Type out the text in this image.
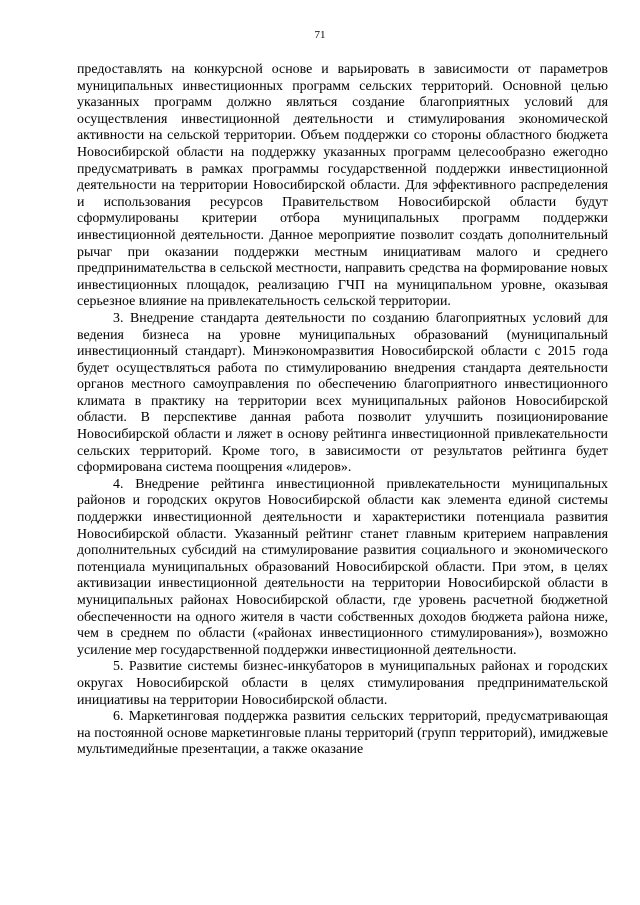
71

предоставлять на конкурсной основе и варьировать в зависимости от параметров муниципальных инвестиционных программ сельских территорий. Основной целью указанных программ должно являться создание благоприятных условий для осуществления инвестиционной деятельности и стимулирования экономической активности на сельской территории. Объем поддержки со стороны областного бюджета Новосибирской области на поддержку указанных программ целесообразно ежегодно предусматривать в рамках программы государственной поддержки инвестиционной деятельности на территории Новосибирской области. Для эффективного распределения и использования ресурсов Правительством Новосибирской области будут сформулированы критерии отбора муниципальных программ поддержки инвестиционной деятельности. Данное мероприятие позволит создать дополнительный рычаг при оказании поддержки местным инициативам малого и среднего предпринимательства в сельской местности, направить средства на формирование новых инвестиционных площадок, реализацию ГЧП на муниципальном уровне, оказывая серьезное влияние на привлекательность сельской территории.

3. Внедрение стандарта деятельности по созданию благоприятных условий для ведения бизнеса на уровне муниципальных образований (муниципальный инвестиционный стандарт). Минэкономразвития Новосибирской области с 2015 года будет осуществляться работа по стимулированию внедрения стандарта деятельности органов местного самоуправления по обеспечению благоприятного инвестиционного климата в практику на территории всех муниципальных районов Новосибирской области. В перспективе данная работа позволит улучшить позиционирование Новосибирской области и ляжет в основу рейтинга инвестиционной привлекательности сельских территорий. Кроме того, в зависимости от результатов рейтинга будет сформирована система поощрения «лидеров».

4. Внедрение рейтинга инвестиционной привлекательности муниципальных районов и городских округов Новосибирской области как элемента единой системы поддержки инвестиционной деятельности и характеристики потенциала развития Новосибирской области. Указанный рейтинг станет главным критерием направления дополнительных субсидий на стимулирование развития социального и экономического потенциала муниципальных образований Новосибирской области. При этом, в целях активизации инвестиционной деятельности на территории Новосибирской области в муниципальных районах Новосибирской области, где уровень расчетной бюджетной обеспеченности на одного жителя в части собственных доходов бюджета района ниже, чем в среднем по области («районах инвестиционного стимулирования»), возможно усиление мер государственной поддержки инвестиционной деятельности.

5. Развитие системы бизнес-инкубаторов в муниципальных районах и городских округах Новосибирской области в целях стимулирования предпринимательской инициативы на территории Новосибирской области.

6. Маркетинговая поддержка развития сельских территорий, предусматривающая на постоянной основе маркетинговые планы территорий (групп территорий), имиджевые мультимедийные презентации, а также оказание
